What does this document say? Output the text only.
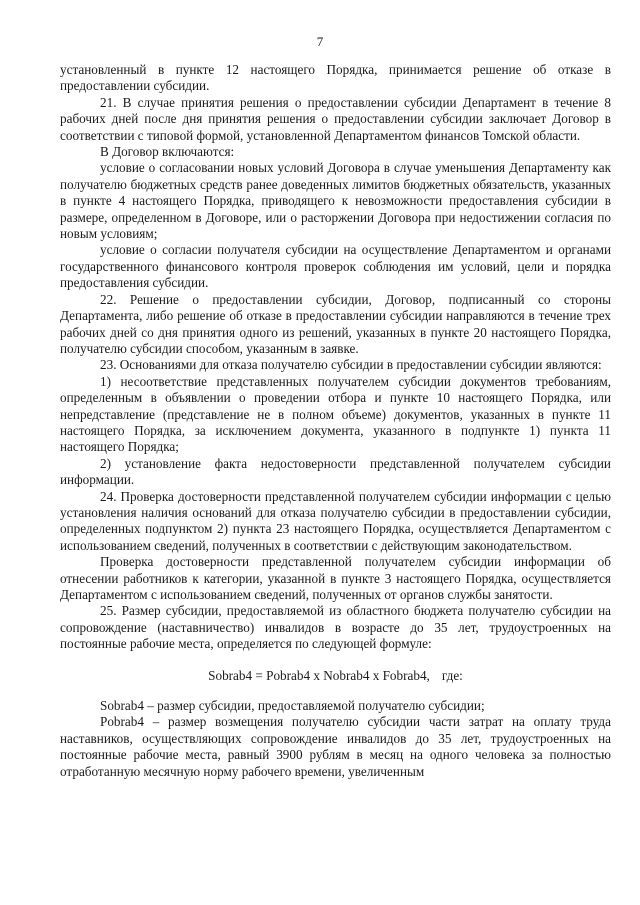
7

установленный в пункте 12 настоящего Порядка, принимается решение об отказе в предоставлении субсидии.

21. В случае принятия решения о предоставлении субсидии Департамент в течение 8 рабочих дней после дня принятия решения о предоставлении субсидии заключает Договор в соответствии с типовой формой, установленной Департаментом финансов Томской области.

В Договор включаются:

условие о согласовании новых условий Договора в случае уменьшения Департаменту как получателю бюджетных средств ранее доведенных лимитов бюджетных обязательств, указанных в пункте 4 настоящего Порядка, приводящего к невозможности предоставления субсидии в размере, определенном в Договоре, или о расторжении Договора при недостижении согласия по новым условиям;

условие о согласии получателя субсидии на осуществление Департаментом и органами государственного финансового контроля проверок соблюдения им условий, цели и порядка предоставления субсидии.

22. Решение о предоставлении субсидии, Договор, подписанный со стороны Департамента, либо решение об отказе в предоставлении субсидии направляются в течение трех рабочих дней со дня принятия одного из решений, указанных в пункте 20 настоящего Порядка, получателю субсидии способом, указанным в заявке.

23. Основаниями для отказа получателю субсидии в предоставлении субсидии являются:

1) несоответствие представленных получателем субсидии документов требованиям, определенным в объявлении о проведении отбора и пункте 10 настоящего Порядка, или непредставление (представление не в полном объеме) документов, указанных в пункте 11 настоящего Порядка, за исключением документа, указанного в подпункте 1) пункта 11 настоящего Порядка;

2) установление факта недостоверности представленной получателем субсидии информации.

24. Проверка достоверности представленной получателем субсидии информации с целью установления наличия оснований для отказа получателю субсидии в предоставлении субсидии, определенных подпунктом 2) пункта 23 настоящего Порядка, осуществляется Департаментом с использованием сведений, полученных в соответствии с действующим законодательством.

Проверка достоверности представленной получателем субсидии информации об отнесении работников к категории, указанной в пункте 3 настоящего Порядка, осуществляется Департаментом с использованием сведений, полученных от органов службы занятости.

25. Размер субсидии, предоставляемой из областного бюджета получателю субсидии на сопровождение (наставничество) инвалидов в возрасте до 35 лет, трудоустроенных на постоянные рабочие места, определяется по следующей формуле:

Sobrab4 = Pobrab4 x Nobrab4 x Fobrab4, где:

Sobrab4 – размер субсидии, предоставляемой получателю субсидии;

Pobrab4 – размер возмещения получателю субсидии части затрат на оплату труда наставников, осуществляющих сопровождение инвалидов до 35 лет, трудоустроенных на постоянные рабочие места, равный 3900 рублям в месяц на одного человека за полностью отработанную месячную норму рабочего времени, увеличенным
